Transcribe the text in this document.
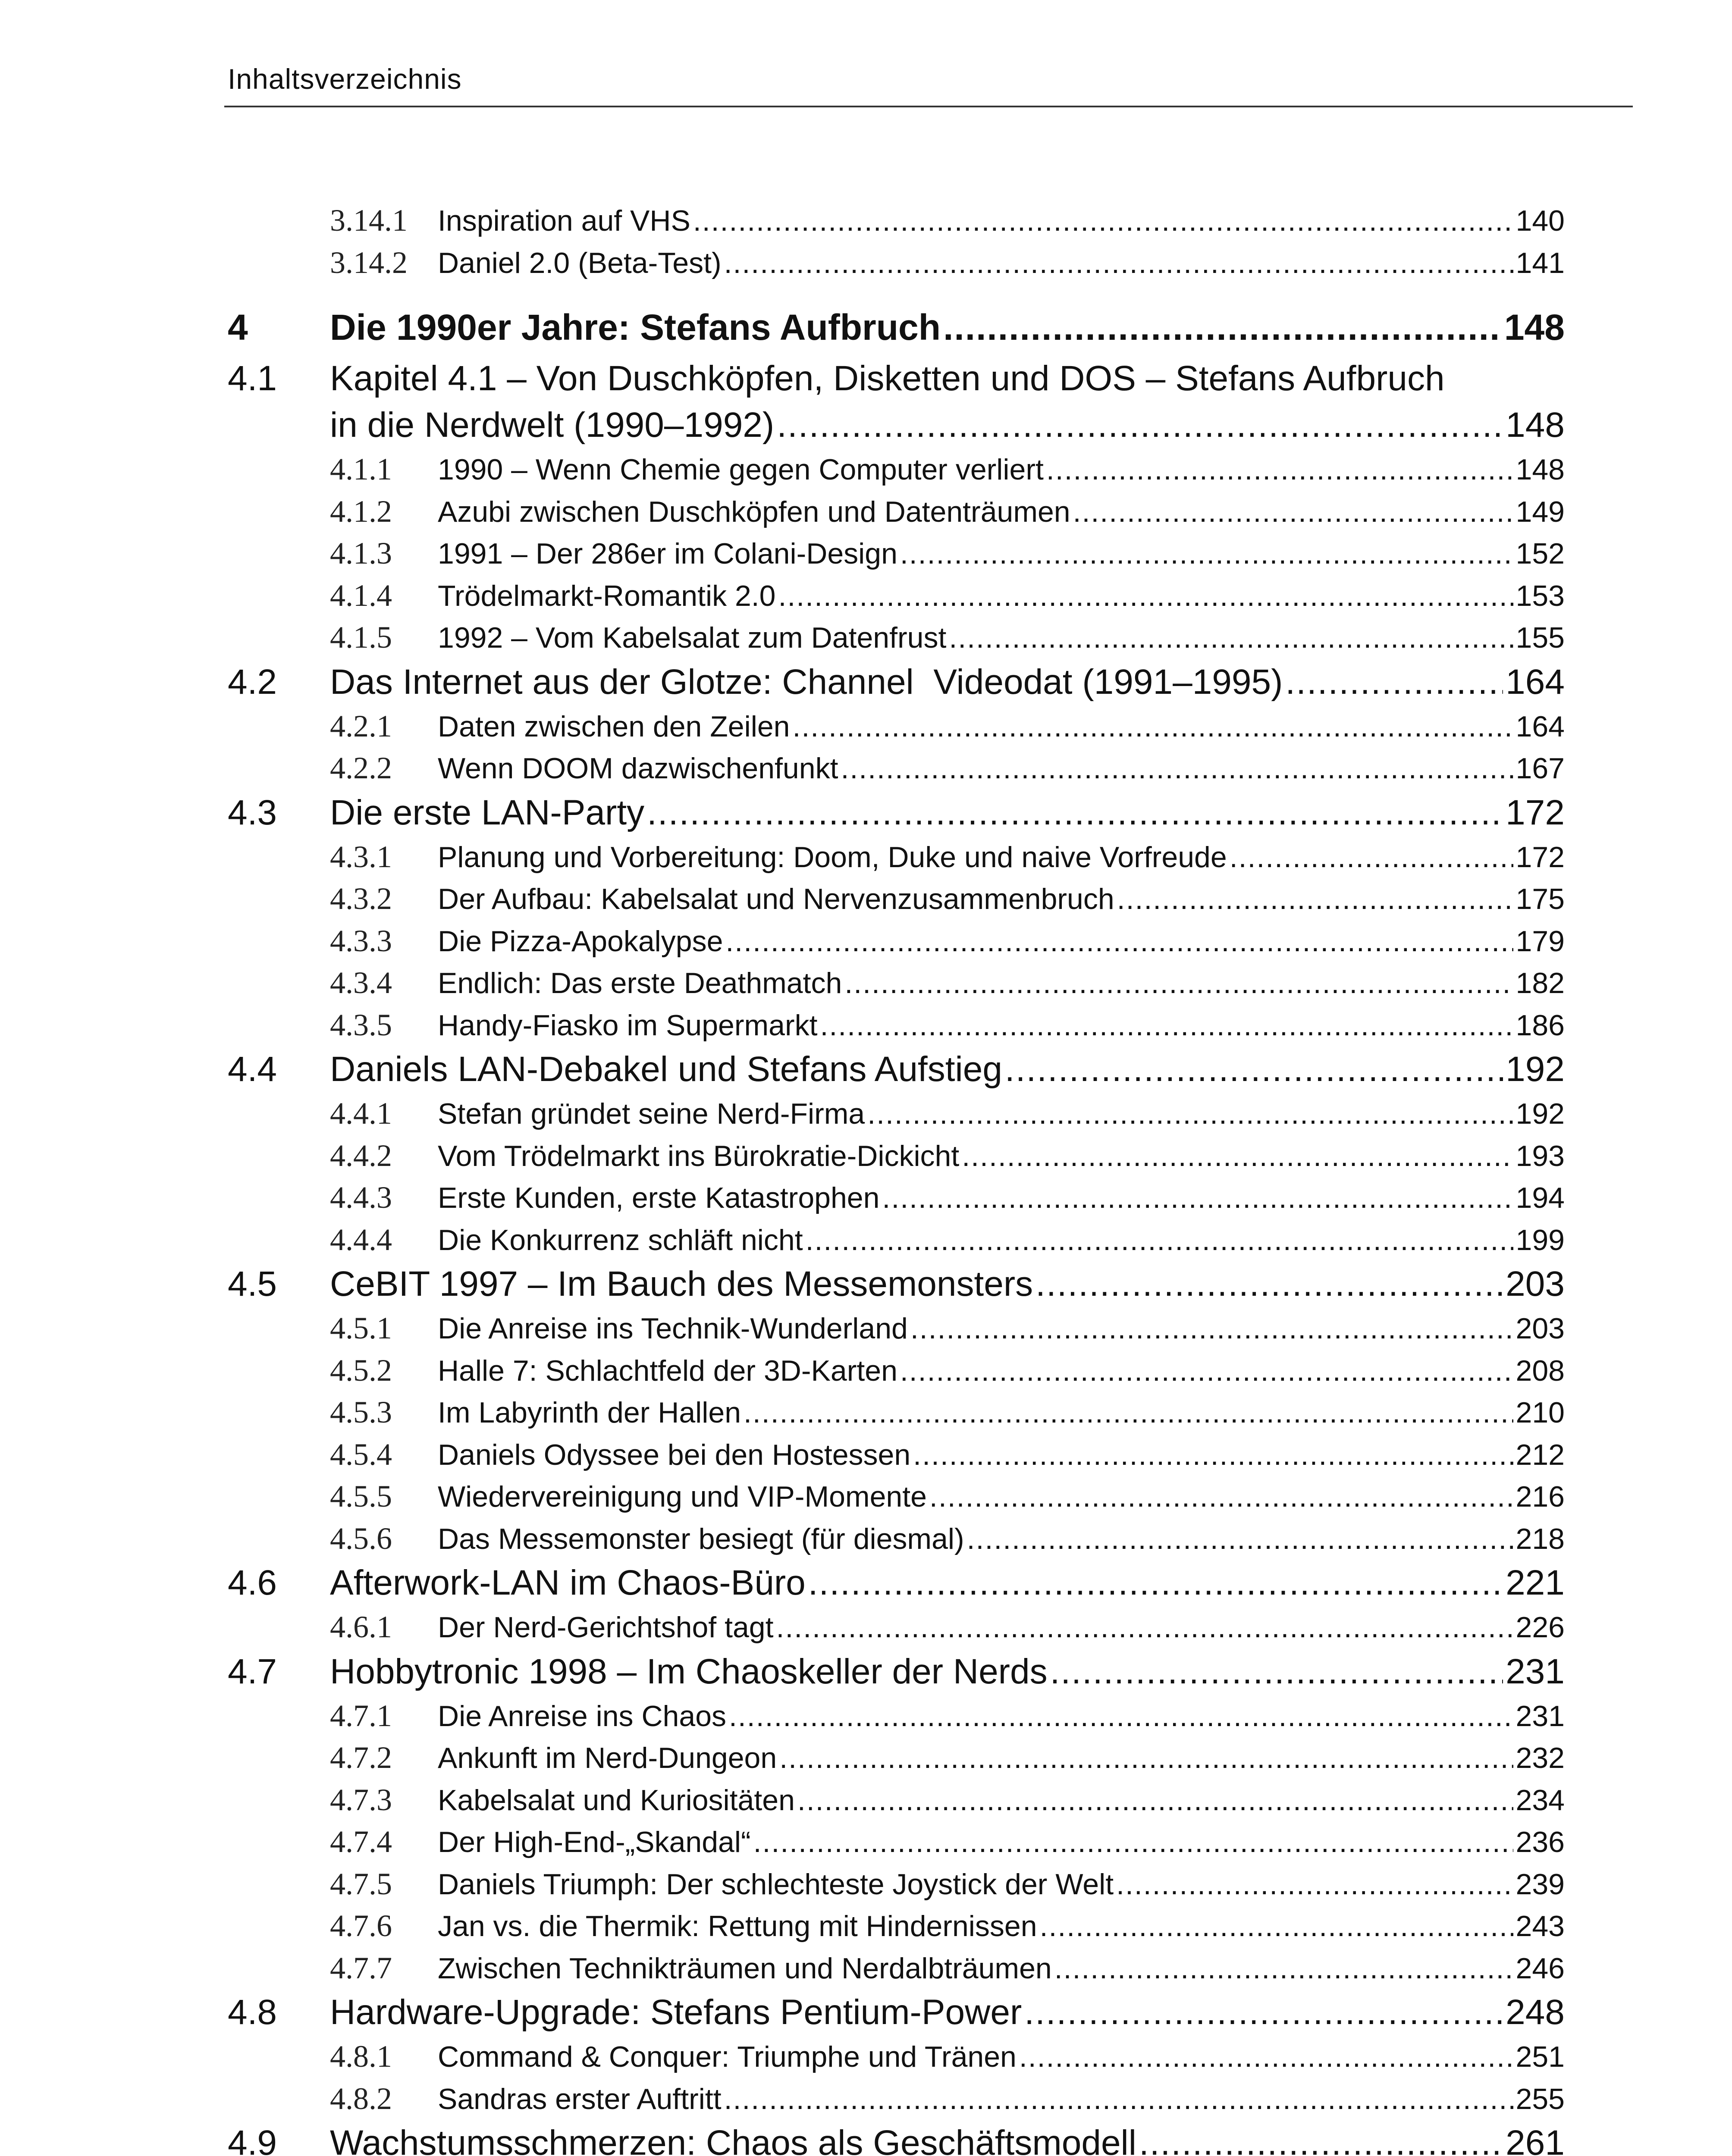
Inhaltsverzeichnis
3.14.1	Inspiration auf VHS .....	140
3.14.2	Daniel 2.0 (Beta-Test) .....	141
4	Die 1990er Jahre: Stefans Aufbruch .....	148
4.1	Kapitel 4.1 – Von Duschköpfen, Disketten und DOS – Stefans Aufbruch
in die Nerdwelt (1990–1992) .....	148
4.1.1	1990 – Wenn Chemie gegen Computer verliert .....	148
4.1.2	Azubi zwischen Duschköpfen und Datenträumen .....	149
4.1.3	1991 – Der 286er im Colani-Design .....	152
4.1.4	Trödelmarkt-Romantik 2.0 .....	153
4.1.5	1992 – Vom Kabelsalat zum Datenfrust .....	155
4.2	Das Internet aus der Glotze: Channel  Videodat (1991–1995) .....	164
4.2.1	Daten zwischen den Zeilen .....	164
4.2.2	Wenn DOOM dazwischenfunkt .....	167
4.3	Die erste LAN-Party .....	172
4.3.1	Planung und Vorbereitung: Doom, Duke und naive Vorfreude .....	172
4.3.2	Der Aufbau: Kabelsalat und Nervenzusammenbruch .....	175
4.3.3	Die Pizza-Apokalypse .....	179
4.3.4	Endlich: Das erste Deathmatch .....	182
4.3.5	Handy-Fiasko im Supermarkt .....	186
4.4	Daniels LAN-Debakel und Stefans Aufstieg .....	192
4.4.1	Stefan gründet seine Nerd-Firma .....	192
4.4.2	Vom Trödelmarkt ins Bürokratie-Dickicht .....	193
4.4.3	Erste Kunden, erste Katastrophen .....	194
4.4.4	Die Konkurrenz schläft nicht .....	199
4.5	CeBIT 1997 – Im Bauch des Messemonsters .....	203
4.5.1	Die Anreise ins Technik-Wunderland .....	203
4.5.2	Halle 7: Schlachtfeld der 3D-Karten .....	208
4.5.3	Im Labyrinth der Hallen .....	210
4.5.4	Daniels Odyssee bei den Hostessen .....	212
4.5.5	Wiedervereinigung und VIP-Momente .....	216
4.5.6	Das Messemonster besiegt (für diesmal) .....	218
4.6	Afterwork-LAN im Chaos-Büro .....	221
4.6.1	Der Nerd-Gerichtshof tagt .....	226
4.7	Hobbytronic 1998 – Im Chaoskeller der Nerds .....	231
4.7.1	Die Anreise ins Chaos .....	231
4.7.2	Ankunft im Nerd-Dungeon .....	232
4.7.3	Kabelsalat und Kuriositäten .....	234
4.7.4	Der High-End-„Skandal“ .....	236
4.7.5	Daniels Triumph: Der schlechteste Joystick der Welt .....	239
4.7.6	Jan vs. die Thermik: Rettung mit Hindernissen .....	243
4.7.7	Zwischen Technikträumen und Nerdalbträumen .....	246
4.8	Hardware-Upgrade: Stefans Pentium-Power .....	248
4.8.1	Command & Conquer: Triumphe und Tränen .....	251
4.8.2	Sandras erster Auftritt .....	255
4.9	Wachstumsschmerzen: Chaos als Geschäftsmodell .....	261
